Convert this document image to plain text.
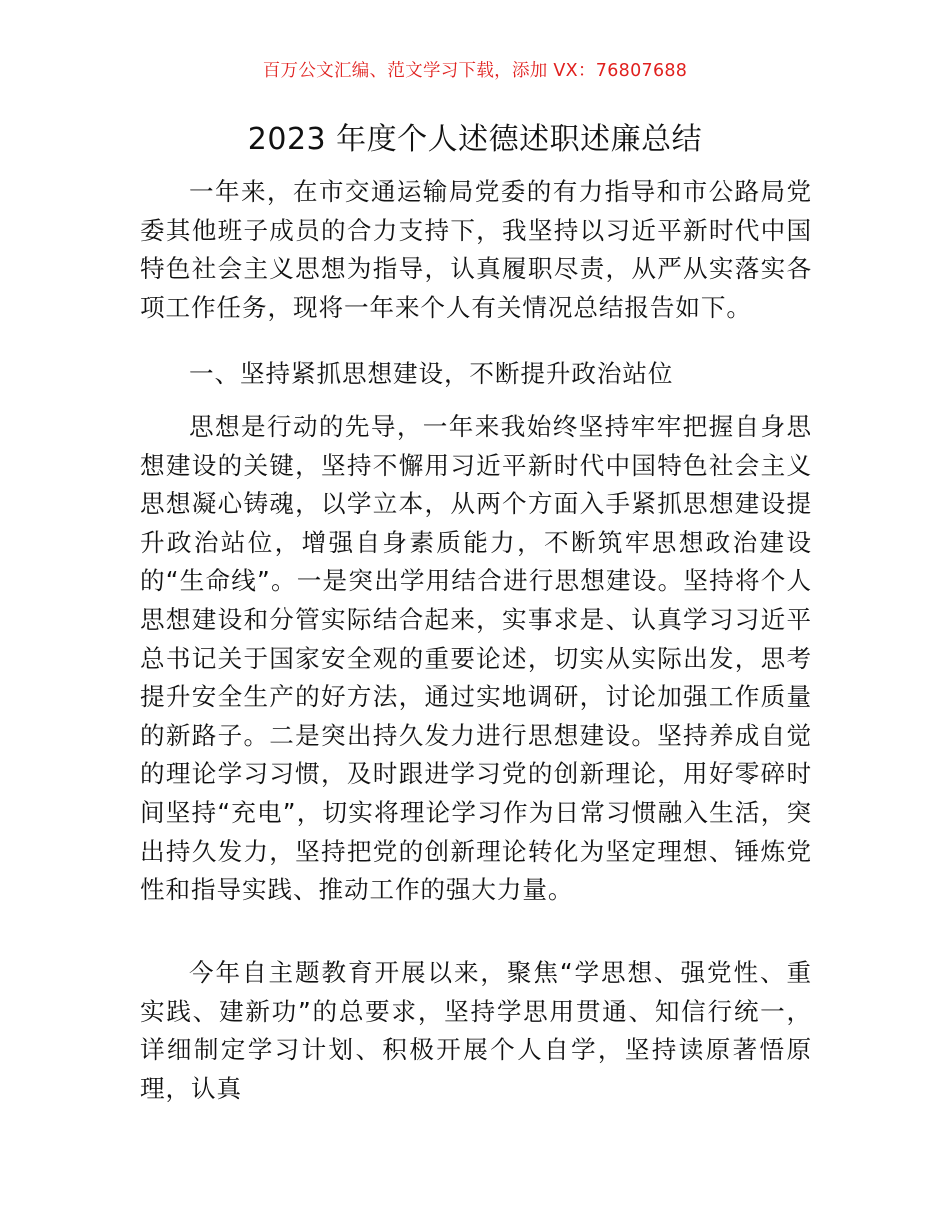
百万公文汇编、范文学习下载，添加 VX：76807688
2023 年度个人述德述职述廉总结

一年来，在市交通运输局党委的有力指导和市公路局党委其他班子成员的合力支持下，我坚持以习近平新时代中国特色社会主义思想为指导，认真履职尽责，从严从实落实各项工作任务，现将一年来个人有关情况总结报告如下。

一、坚持紧抓思想建设，不断提升政治站位

思想是行动的先导，一年来我始终坚持牢牢把握自身思想建设的关键，坚持不懈用习近平新时代中国特色社会主义思想凝心铸魂，以学立本，从两个方面入手紧抓思想建设提升政治站位，增强自身素质能力，不断筑牢思想政治建设的“生命线”。一是突出学用结合进行思想建设。坚持将个人思想建设和分管实际结合起来，实事求是、认真学习习近平总书记关于国家安全观的重要论述，切实从实际出发，思考提升安全生产的好方法，通过实地调研，讨论加强工作质量的新路子。二是突出持久发力进行思想建设。坚持养成自觉的理论学习习惯，及时跟进学习党的创新理论，用好零碎时间坚持“充电”，切实将理论学习作为日常习惯融入生活，突出持久发力，坚持把党的创新理论转化为坚定理想、锤炼党性和指导实践、推动工作的强大力量。

今年自主题教育开展以来，聚焦“学思想、强党性、重实践、建新功”的总要求，坚持学思用贯通、知信行统一，详细制定学习计划、积极开展个人自学，坚持读原著悟原理，认真
